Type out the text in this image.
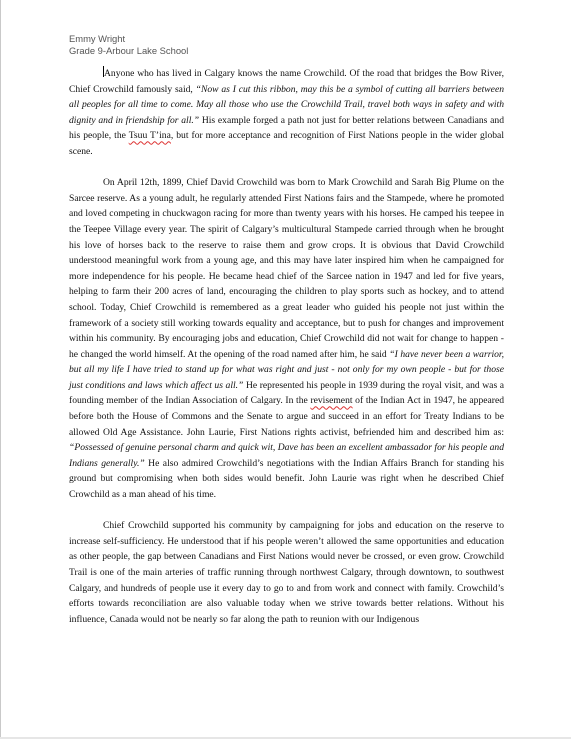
Emmy Wright
Grade 9-Arbour Lake School

Anyone who has lived in Calgary knows the name Crowchild. Of the road that bridges the Bow River, Chief Crowchild famously said, “Now as I cut this ribbon, may this be a symbol of cutting all barriers between all peoples for all time to come. May all those who use the Crowchild Trail, travel both ways in safety and with dignity and in friendship for all.” His example forged a path not just for better relations between Canadians and his people, the Tsuu T’ina, but for more acceptance and recognition of First Nations people in the wider global scene.

On April 12th, 1899, Chief David Crowchild was born to Mark Crowchild and Sarah Big Plume on the Sarcee reserve. As a young adult, he regularly attended First Nations fairs and the Stampede, where he promoted and loved competing in chuckwagon racing for more than twenty years with his horses. He camped his teepee in the Teepee Village every year. The spirit of Calgary’s multicultural Stampede carried through when he brought his love of horses back to the reserve to raise them and grow crops. It is obvious that David Crowchild understood meaningful work from a young age, and this may have later inspired him when he campaigned for more independence for his people. He became head chief of the Sarcee nation in 1947 and led for five years, helping to farm their 200 acres of land, encouraging the children to play sports such as hockey, and to attend school. Today, Chief Crowchild is remembered as a great leader who guided his people not just within the framework of a society still working towards equality and acceptance, but to push for changes and improvement within his community. By encouraging jobs and education, Chief Crowchild did not wait for change to happen - he changed the world himself. At the opening of the road named after him, he said “I have never been a warrior, but all my life I have tried to stand up for what was right and just - not only for my own people - but for those just conditions and laws which affect us all.” He represented his people in 1939 during the royal visit, and was a founding member of the Indian Association of Calgary. In the revisement of the Indian Act in 1947, he appeared before both the House of Commons and the Senate to argue and succeed in an effort for Treaty Indians to be allowed Old Age Assistance. John Laurie, First Nations rights activist, befriended him and described him as: “Possessed of genuine personal charm and quick wit, Dave has been an excellent ambassador for his people and Indians generally.” He also admired Crowchild’s negotiations with the Indian Affairs Branch for standing his ground but compromising when both sides would benefit. John Laurie was right when he described Chief Crowchild as a man ahead of his time.

Chief Crowchild supported his community by campaigning for jobs and education on the reserve to increase self-sufficiency. He understood that if his people weren’t allowed the same opportunities and education as other people, the gap between Canadians and First Nations would never be crossed, or even grow. Crowchild Trail is one of the main arteries of traffic running through northwest Calgary, through downtown, to southwest Calgary, and hundreds of people use it every day to go to and from work and connect with family. Crowchild’s efforts towards reconciliation are also valuable today when we strive towards better relations. Without his influence, Canada would not be nearly so far along the path to reunion with our Indigenous
